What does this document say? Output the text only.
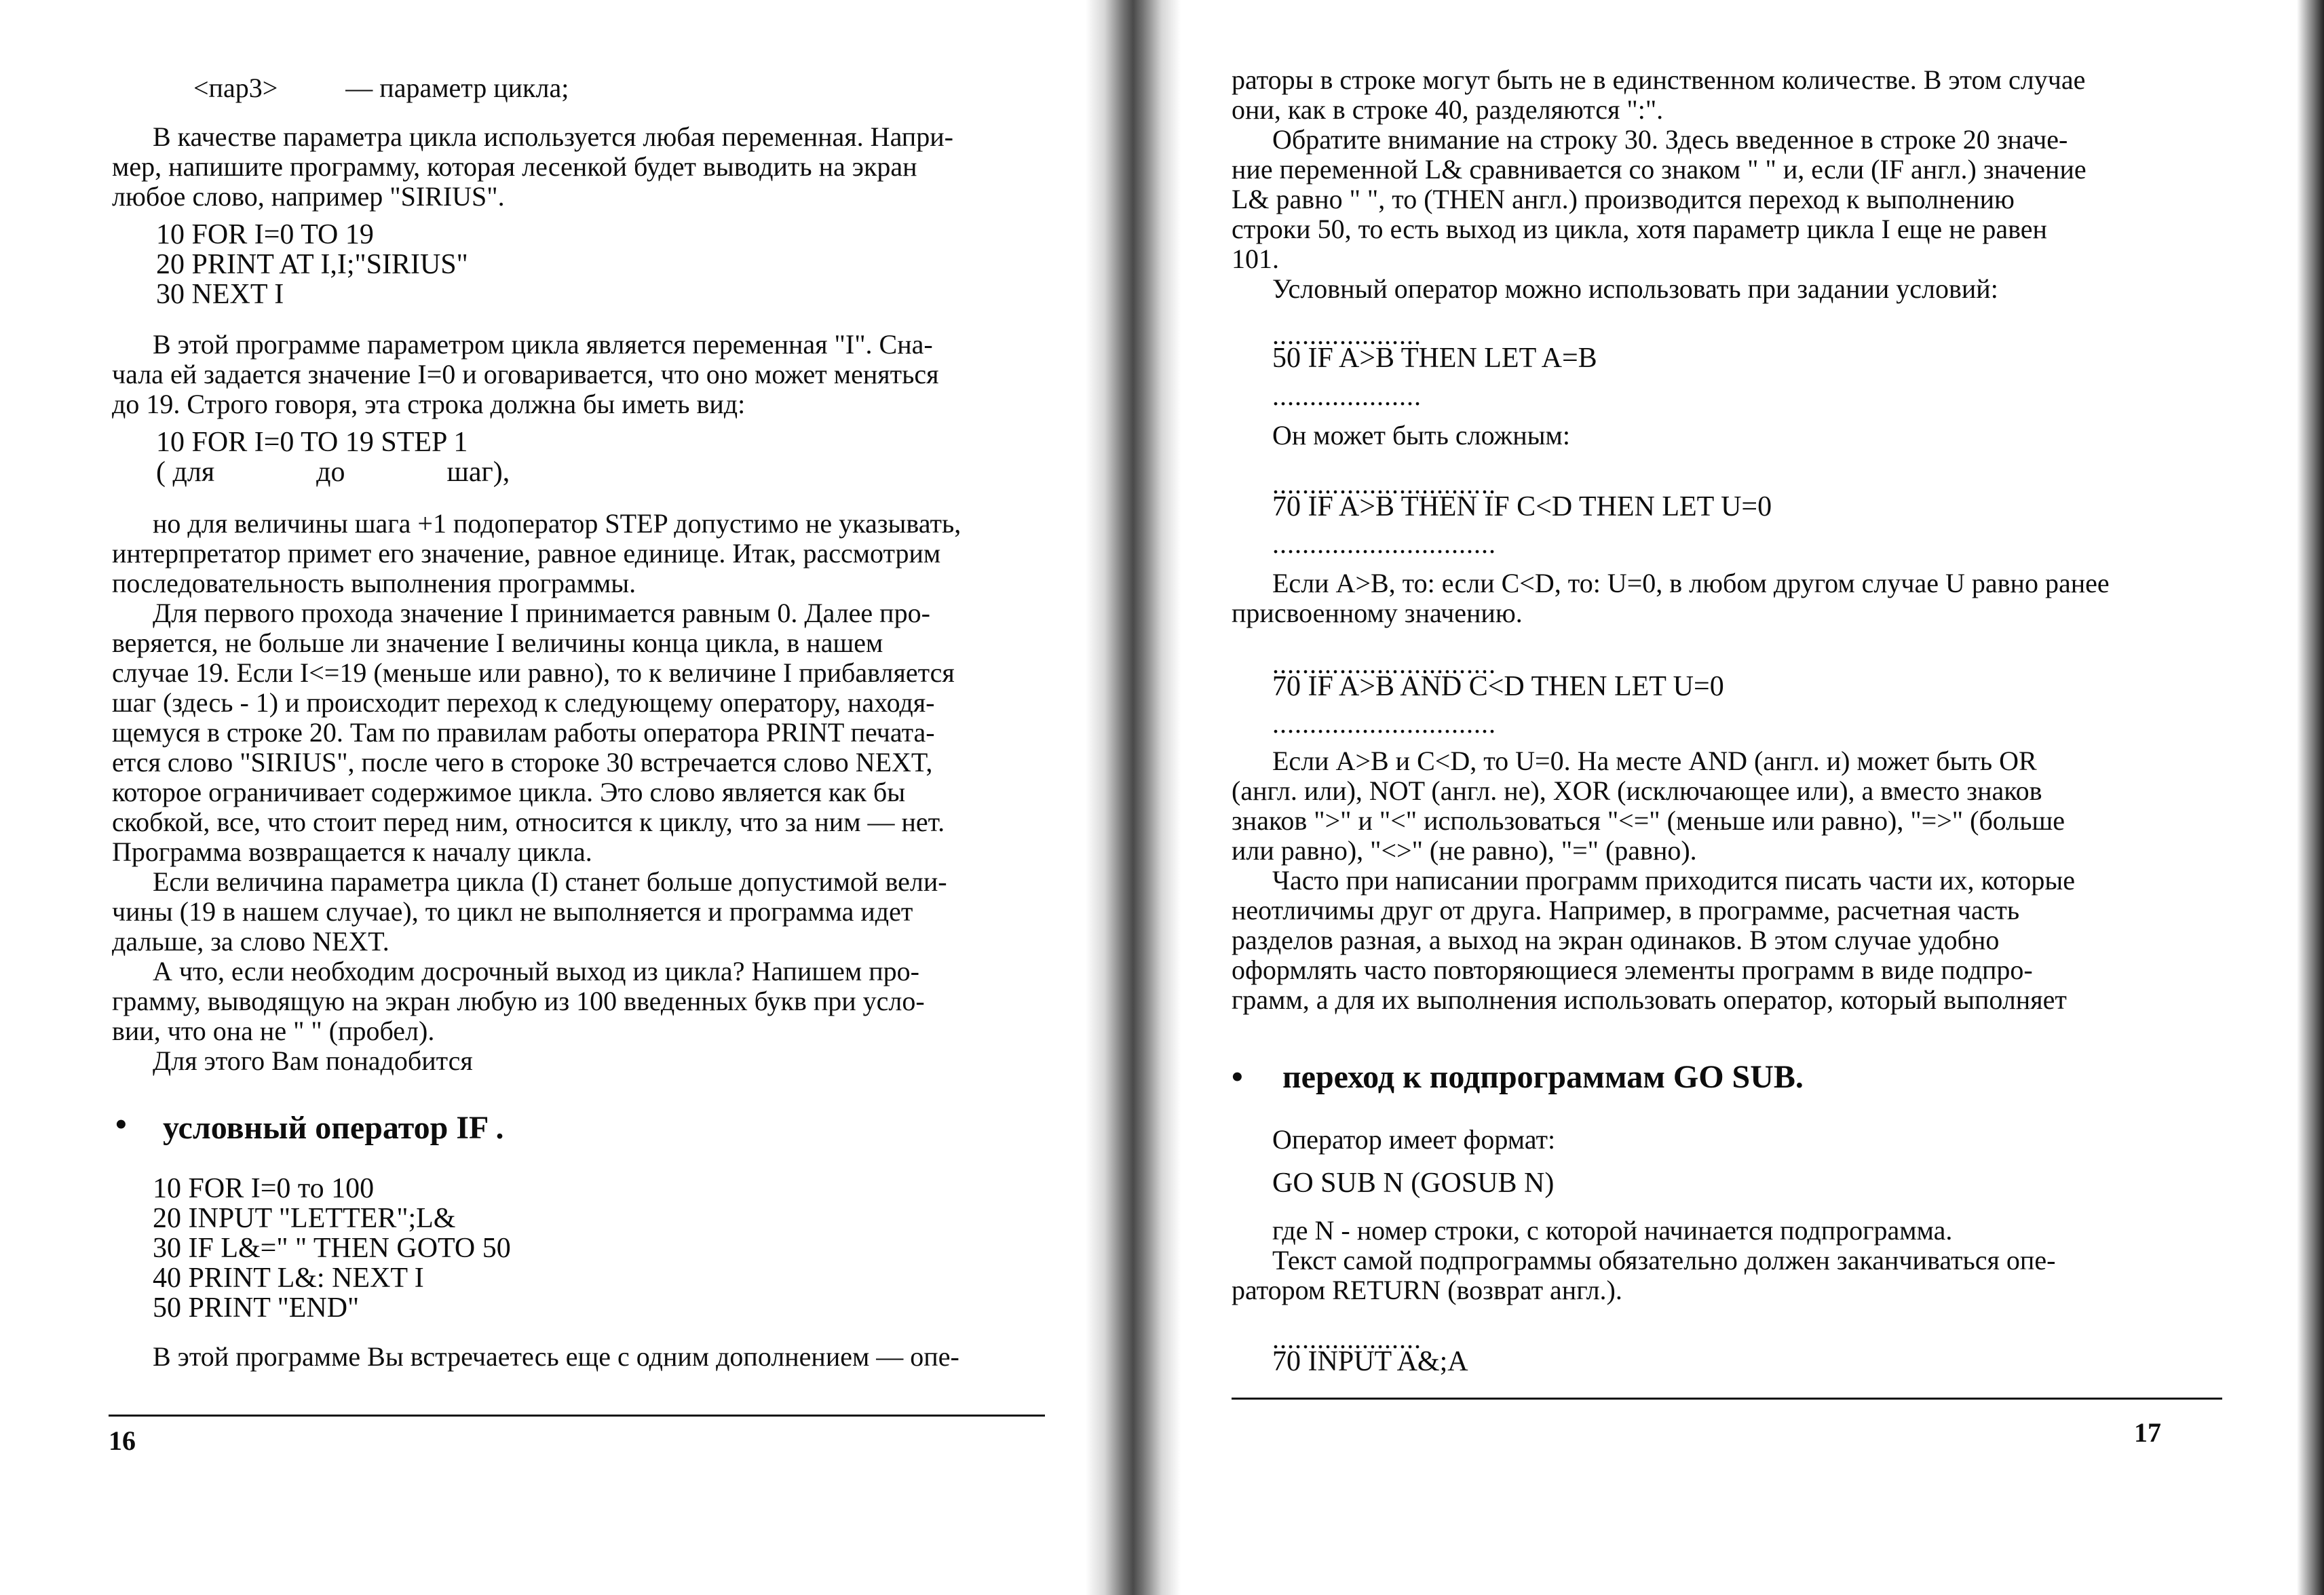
<пар3>	— параметр цикла;
В качестве параметра цикла используется любая переменная. Напри-
мер, напишите программу, которая лесенкой будет выводить на экран
любое слово, например "SIRIUS".
10 FOR I=0 TO 19
20 PRINT AT I,I;"SIRIUS"
30 NEXT I
В этой программе параметром цикла является переменная "I". Сна-
чала ей задается значение I=0 и оговаривается, что оно может меняться
до 19. Строго говоря, эта строка должна бы иметь вид:
10 FOR I=0 TO 19 STEP 1
( для	до	шаг),
но для величины шага +1 подоператор STEP допустимо не указывать,
интерпретатор примет его значение, равное единице. Итак, рассмотрим
последовательность выполнения программы.
Для первого прохода значение I принимается равным 0. Далее про-
веряется, не больше ли значение I величины конца цикла, в нашем
случае 19. Если I<=19 (меньше или равно), то к величине I прибавляется
шаг (здесь - 1) и происходит переход к следующему оператору, находя-
щемуся в строке 20. Там по правилам работы оператора PRINT печата-
ется слово "SIRIUS", после чего в стороке 30 встречается слово NEXT,
которое ограничивает содержимое цикла. Это слово является как бы
скобкой, все, что стоит перед ним, относится к циклу, что за ним — нет.
Программа возвращается к началу цикла.
Если величина параметра цикла (I) станет больше допустимой вели-
чины (19 в нашем случае), то цикл не выполняется и программа идет
дальше, за слово NEXT.
А что, если необходим досрочный выход из цикла? Напишем про-
грамму, выводящую на экран любую из 100 введенных букв при усло-
вии, что она не " " (пробел).
Для этого Вам понадобится
• условный оператор IF .
10 FOR I=0 то 100
20 INPUT "LETTER";L&
30 IF L&=" " THEN GOTO 50
40 PRINT L&: NEXT I
50 PRINT "END"
В этой программе Вы встречаетесь еще с одним дополнением — опе-
16
раторы в строке могут быть не в единственном количестве. В этом случае
они, как в строке 40, разделяются ":".
Обратите внимание на строку 30. Здесь введенное в строке 20 значе-
ние переменной L& сравнивается со знаком " " и, если (IF англ.) значение
L& равно " ", то (THEN англ.) производится переход к выполнению
строки 50, то есть выход из цикла, хотя параметр цикла I еще не равен
101.
Условный оператор можно использовать при задании условий:
....................
50 IF A>B THEN LET A=B
....................
Он может быть сложным:
..............................
70 IF A>B THEN IF C<D THEN LET U=0
..............................
Если A>B, то: если C<D, то: U=0, в любом другом случае U равно ранее
присвоенному значению.
..............................
70 IF A>B AND C<D THEN LET U=0
..............................
Если A>B и C<D, то U=0. На месте AND (англ. и) может быть OR
(англ. или), NOT (англ. не), XOR (исключающее или), а вместо знаков
знаков ">" и "<" использоваться "<=" (меньше или равно), "=>" (больше
или равно), "<>" (не равно), "=" (равно).
Часто при написании программ приходится писать части их, которые
неотличимы друг от друга. Например, в программе, расчетная часть
разделов разная, а выход на экран одинаков. В этом случае удобно
оформлять часто повторяющиеся элементы программ в виде подпро-
грамм, а для их выполнения использовать оператор, который выполняет
• переход к подпрограммам GO SUB.
Оператор имеет формат:
GO SUB N (GOSUB N)
где N - номер строки, с которой начинается подпрограмма.
Текст самой подпрограммы обязательно должен заканчиваться опе-
ратором RETURN (возврат англ.).
....................
70 INPUT A&;A
17
